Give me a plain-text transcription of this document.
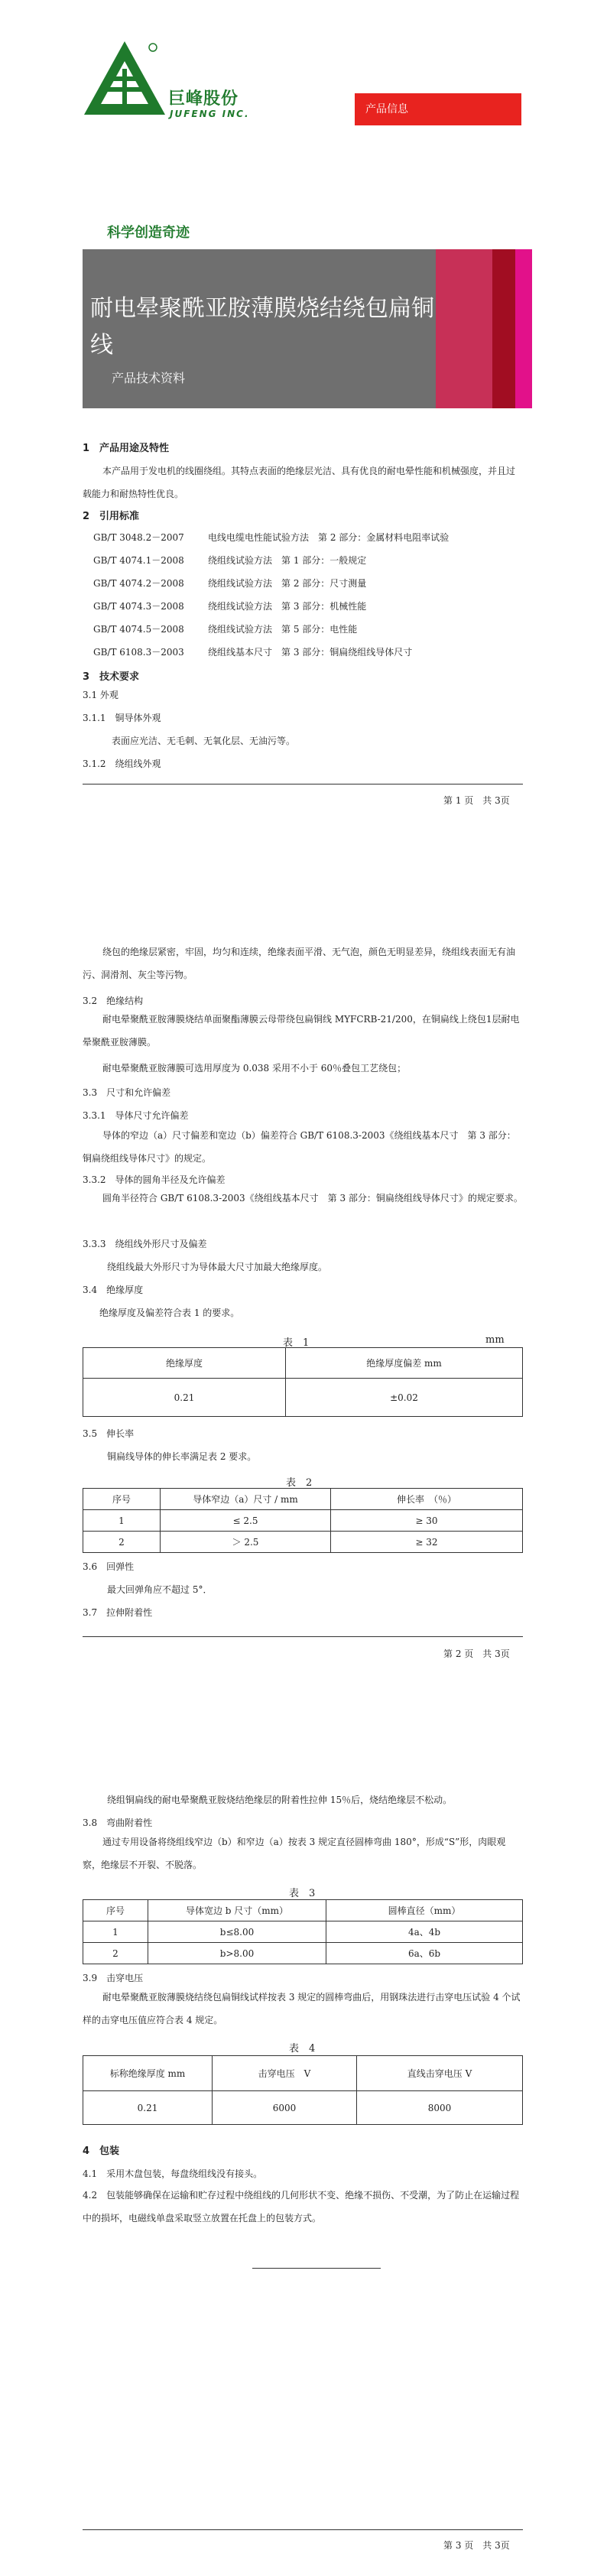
巨峰股份
JUFENG INC.	产品信息
科学创造奇迹
耐电晕聚酰亚胺薄膜烧结绕包扁铜线
产品技术资料
1　产品用途及特性
本产品用于发电机的线圈绕组。其特点表面的绝缘层光洁、具有优良的耐电晕性能和机械强度，并且过载能力和耐热特性优良。
2　引用标准
GB/T 3048.2－2007	电线电缆电性能试验方法　第 2 部分：金属材料电阻率试验
GB/T 4074.1－2008	绕组线试验方法　第 1 部分：一般规定
GB/T 4074.2－2008	绕组线试验方法　第 2 部分：尺寸测量
GB/T 4074.3－2008	绕组线试验方法　第 3 部分：机械性能
GB/T 4074.5－2008	绕组线试验方法　第 5 部分：电性能
GB/T 6108.3－2003	绕组线基本尺寸　第 3 部分：铜扁绕组线导体尺寸
3　技术要求
3.1 外观
3.1.1　铜导体外观
表面应光洁、无毛刺、无氧化层、无油污等。
3.1.2　绕组线外观
第 1 页　共 3页
绕包的绝缘层紧密，牢固，均匀和连续，绝缘表面平滑、无气泡，颜色无明显差异，绕组线表面无有油污、洞滑剂、灰尘等污物。
3.2　绝缘结构
耐电晕聚酰亚胺薄膜烧结单面聚酯薄膜云母带绕包扁铜线 MYFCRB-21/200，在铜扁线上绕包1层耐电晕聚酰亚胺薄膜。
耐电晕聚酰亚胺薄膜可选用厚度为 0.038 采用不小于 60％叠包工艺绕包；
3.3　尺寸和允许偏差
3.3.1　导体尺寸允许偏差
导体的窄边（a）尺寸偏差和宽边（b）偏差符合 GB/T 6108.3-2003《绕组线基本尺寸　第 3 部分：铜扁绕组线导体尺寸》的规定。
3.3.2　导体的圆角半径及允许偏差
圆角半径符合 GB/T 6108.3-2003《绕组线基本尺寸　第 3 部分：铜扁绕组线导体尺寸》的规定要求。
3.3.3　绕组线外形尺寸及偏差
绕组线最大外形尺寸为导体最大尺寸加最大绝缘厚度。
3.4　绝缘厚度
绝缘厚度及偏差符合表 1 的要求。
表　1	mm
绝缘厚度	绝缘厚度偏差 mm
0.21	±0.02
3.5　伸长率
铜扁线导体的伸长率满足表 2 要求。
表　2
序号	导体窄边（a）尺寸 / mm	伸长率　（％）
1	≤ 2.5	≥ 30
2	＞ 2.5	≥ 32
3.6　回弹性
最大回弹角应不超过 5°．
3.7　拉伸附着性
第 2 页　共 3页
绕组铜扁线的耐电晕聚酰亚胺烧结绝缘层的附着性拉伸 15％后，烧结绝缘层不松动。
3.8　弯曲附着性
通过专用设备将绕组线窄边（b）和窄边（a）按表 3 规定直径圆棒弯曲 180°，形成“S”形，肉眼观察，绝缘层不开裂、不脱落。
表　3
序号	导体宽边 b 尺寸（mm）	圆棒直径（mm）
1	b≤8.00	4a、4b
2	b>8.00	6a、6b
3.9　击穿电压
耐电晕聚酰亚胺薄膜烧结绕包扁铜线试样按表 3 规定的圆棒弯曲后，用钢珠法进行击穿电压试验 4 个试样的击穿电压值应符合表 4 规定。
表　4
标称绝缘厚度 mm	击穿电压　V	直线击穿电压 V
0.21	6000	8000
4　包装
4.1　采用木盘包装，每盘绕组线没有接头。
4.2　包装能够确保在运输和贮存过程中绕组线的几何形状不变、绝缘不损伤、不受潮，为了防止在运输过程中的损坏，电磁线单盘采取竖立放置在托盘上的包装方式。
第 3 页　共 3页
